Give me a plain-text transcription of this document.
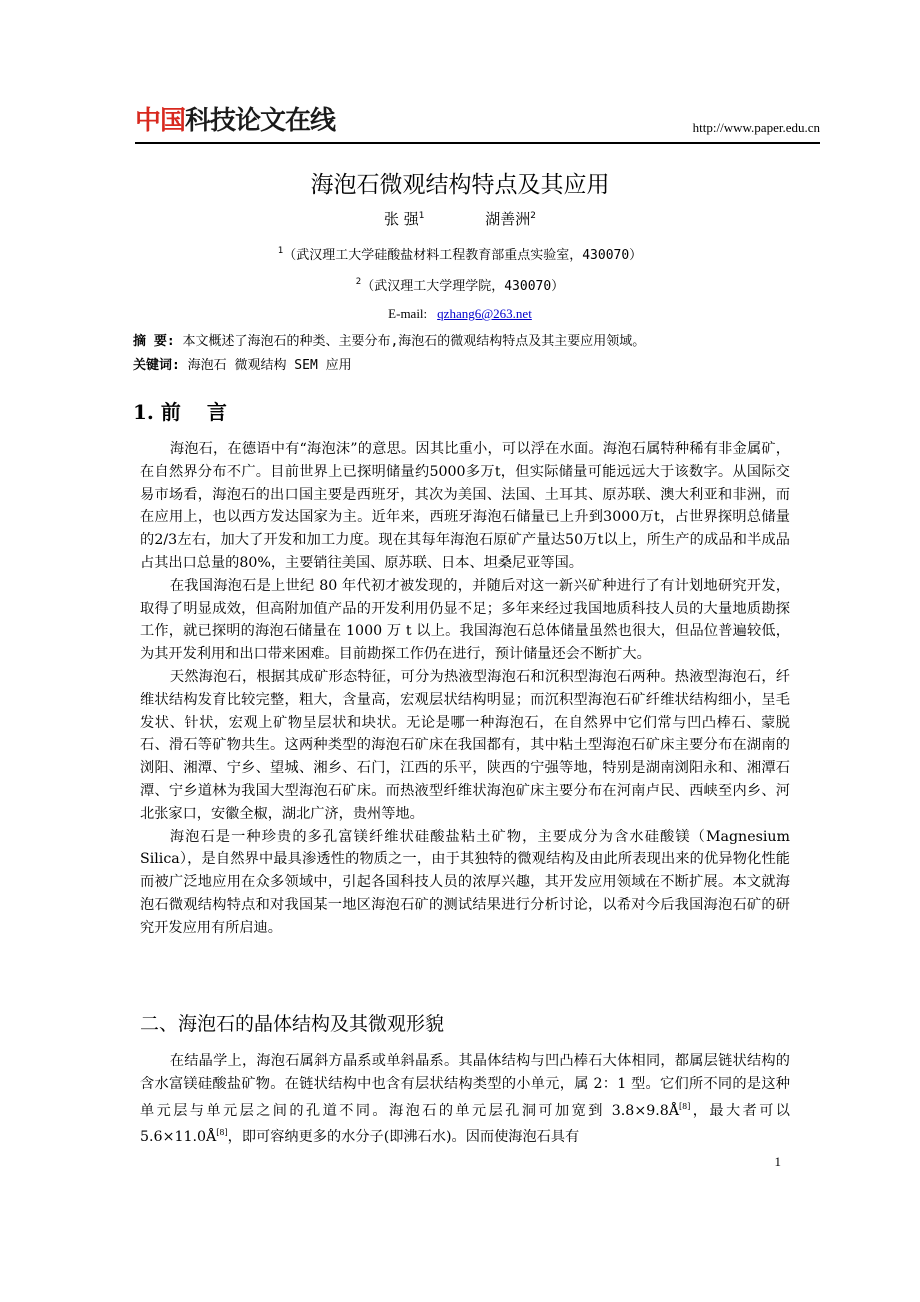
中国 科技论文在线	http://www.paper.edu.cn
海泡石微观结构特点及其应用
张 强$^1$	湖善洲$^2$
$^1$（武汉理工大学硅酸盐材料工程教育部重点实验室，430070）
$^2$（武汉理工大学理学院，430070）
E-mail: qzhang6@263.net
摘 要: 本文概述了海泡石的种类、主要分布,海泡石的微观结构特点及其主要应用领域。
关键词: 海泡石 微观结构 SEM 应用
1. 前 言

海泡石，在德语中有“海泡沫”的意思。因其比重小，可以浮在水面。海泡石属特种稀有非金属矿，在自然界分布不广。目前世界上已探明储量约5000多万t，但实际储量可能远远大于该数字。从国际交易市场看，海泡石的出口国主要是西班牙，其次为美国、法国、土耳其、原苏联、澳大利亚和非洲，而在应用上，也以西方发达国家为主。近年来，西班牙海泡石储量已上升到3000万t，占世界探明总储量的2/3左右，加大了开发和加工力度。现在其每年海泡石原矿产量达50万t以上，所生产的成品和半成品占其出口总量的80%，主要销往美国、原苏联、日本、坦桑尼亚等国。

在我国海泡石是上世纪 80 年代初才被发现的，并随后对这一新兴矿种进行了有计划地研究开发，取得了明显成效，但高附加值产品的开发利用仍显不足；多年来经过我国地质科技人员的大量地质勘探工作，就已探明的海泡石储量在 1000 万 t 以上。我国海泡石总体储量虽然也很大，但品位普遍较低，为其开发利用和出口带来困难。目前勘探工作仍在进行，预计储量还会不断扩大。

天然海泡石，根据其成矿形态特征，可分为热液型海泡石和沉积型海泡石两种。热液型海泡石，纤维状结构发育比较完整，粗大，含量高，宏观层状结构明显；而沉积型海泡石矿纤维状结构细小，呈毛发状、针状，宏观上矿物呈层状和块状。无论是哪一种海泡石，在自然界中它们常与凹凸棒石、蒙脱石、滑石等矿物共生。这两种类型的海泡石矿床在我国都有，其中粘土型海泡石矿床主要分布在湖南的浏阳、湘潭、宁乡、望城、湘乡、石门，江西的乐平，陕西的宁强等地，特别是湖南浏阳永和、湘潭石潭、宁乡道林为我国大型海泡石矿床。而热液型纤维状海泡矿床主要分布在河南卢民、西峡至内乡、河北张家口，安徽全椒，湖北广济，贵州等地。

海泡石是一种珍贵的多孔富镁纤维状硅酸盐粘土矿物，主要成分为含水硅酸镁（Magnesium Silica），是自然界中最具渗透性的物质之一，由于其独特的微观结构及由此所表现出来的优异物化性能而被广泛地应用在众多领域中，引起各国科技人员的浓厚兴趣，其开发应用领域在不断扩展。本文就海泡石微观结构特点和对我国某一地区海泡石矿的测试结果进行分析讨论，以希对今后我国海泡石矿的研究开发应用有所启迪。

二、海泡石的晶体结构及其微观形貌

在结晶学上，海泡石属斜方晶系或单斜晶系。其晶体结构与凹凸棒石大体相同，都属层链状结构的含水富镁硅酸盐矿物。在链状结构中也含有层状结构类型的小单元，属 2：1 型。它们所不同的是这种单元层与单元层之间的孔道不同。海泡石的单元层孔洞可加宽到 3.8×9.8Å[8]，最大者可以 5.6×11.0Å[8]，即可容纳更多的水分子(即沸石水)。因而使海泡石具有

1
